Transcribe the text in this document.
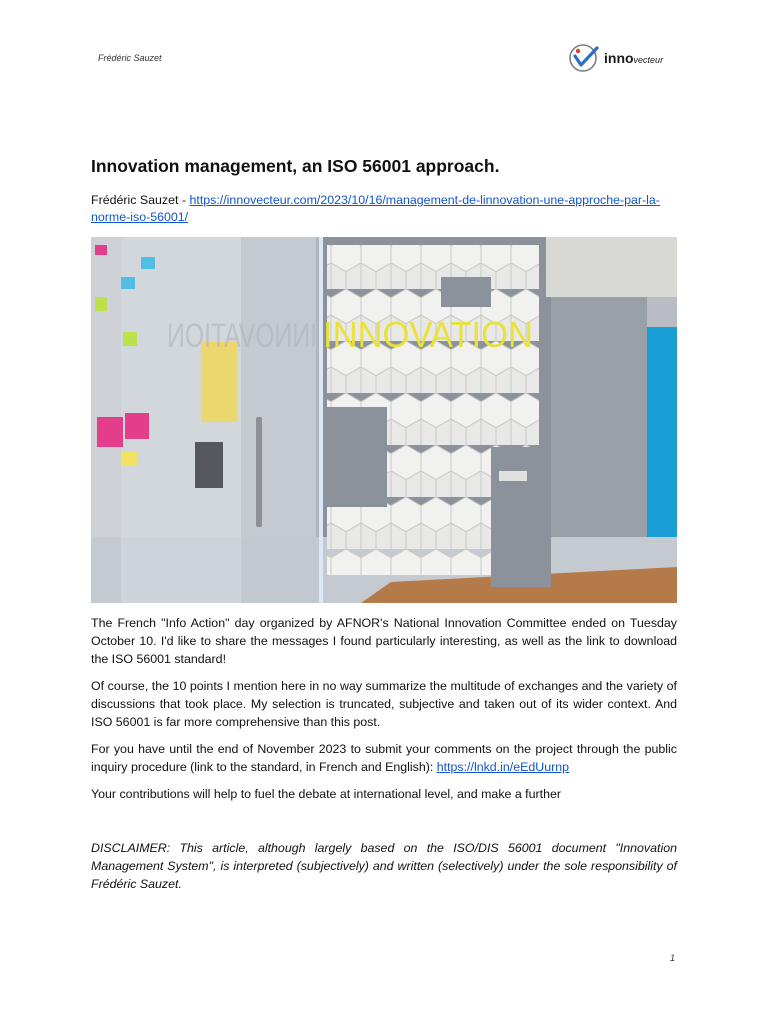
Frédéric Sauzet	innovecteur
Innovation management, an ISO 56001 approach.
Frédéric Sauzet - https://innovecteur.com/2023/10/16/management-de-linnovation-une-approche-par-la-norme-iso-56001/
INNOVATION
INNOVATION

The French "Info Action" day organized by AFNOR's National Innovation Committee ended on Tuesday October 10. I'd like to share the messages I found particularly interesting, as well as the link to download the ISO 56001 standard!

Of course, the 10 points I mention here in no way summarize the multitude of exchanges and the variety of discussions that took place. My selection is truncated, subjective and taken out of its wider context. And ISO 56001 is far more comprehensive than this post.

For you have until the end of November 2023 to submit your comments on the project through the public inquiry procedure (link to the standard, in French and English): https://lnkd.in/eEdUurnp

Your contributions will help to fuel the debate at international level, and make a further

DISCLAIMER: This article, although largely based on the ISO/DIS 56001 document "Innovation Management System", is interpreted (subjectively) and written (selectively) under the sole responsibility of Frédéric Sauzet.

1
